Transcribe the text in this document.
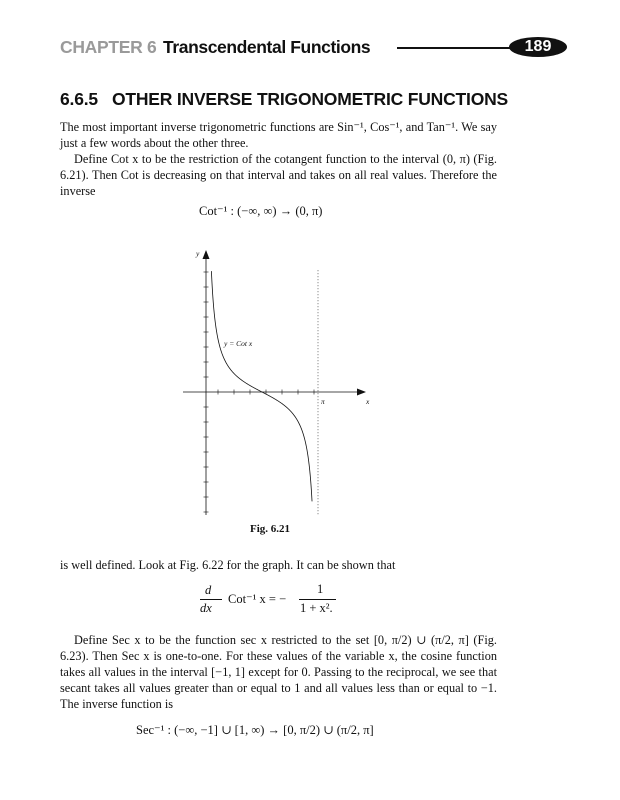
CHAPTER 6 Transcendental Functions	189
6.6.5 OTHER INVERSE TRIGONOMETRIC FUNCTIONS

The most important inverse trigonometric functions are Sin⁻¹, Cos⁻¹, and Tan⁻¹. We say just a few words about the other three.

Define Cot x to be the restriction of the cotangent function to the interval (0, π) (Fig. 6.21). Then Cot is decreasing on that interval and takes on all real values. Therefore the inverse

Cot⁻¹ : (−∞, ∞) → (0, π)
y
x
y = Cot x
π
Fig. 6.21

is well defined. Look at Fig. 6.22 for the graph. It can be shown that

d
dx
Cot⁻¹ x = −
1
1 + x².

Define Sec x to be the function sec x restricted to the set [0, π/2) ∪ (π/2, π] (Fig. 6.23). Then Sec x is one-to-one. For these values of the variable x, the cosine function takes all values in the interval [−1, 1] except for 0. Passing to the reciprocal, we see that secant takes all values greater than or equal to 1 and all values less than or equal to −1. The inverse function is

Sec⁻¹ : (−∞, −1] ∪ [1, ∞) → [0, π/2) ∪ (π/2, π]
